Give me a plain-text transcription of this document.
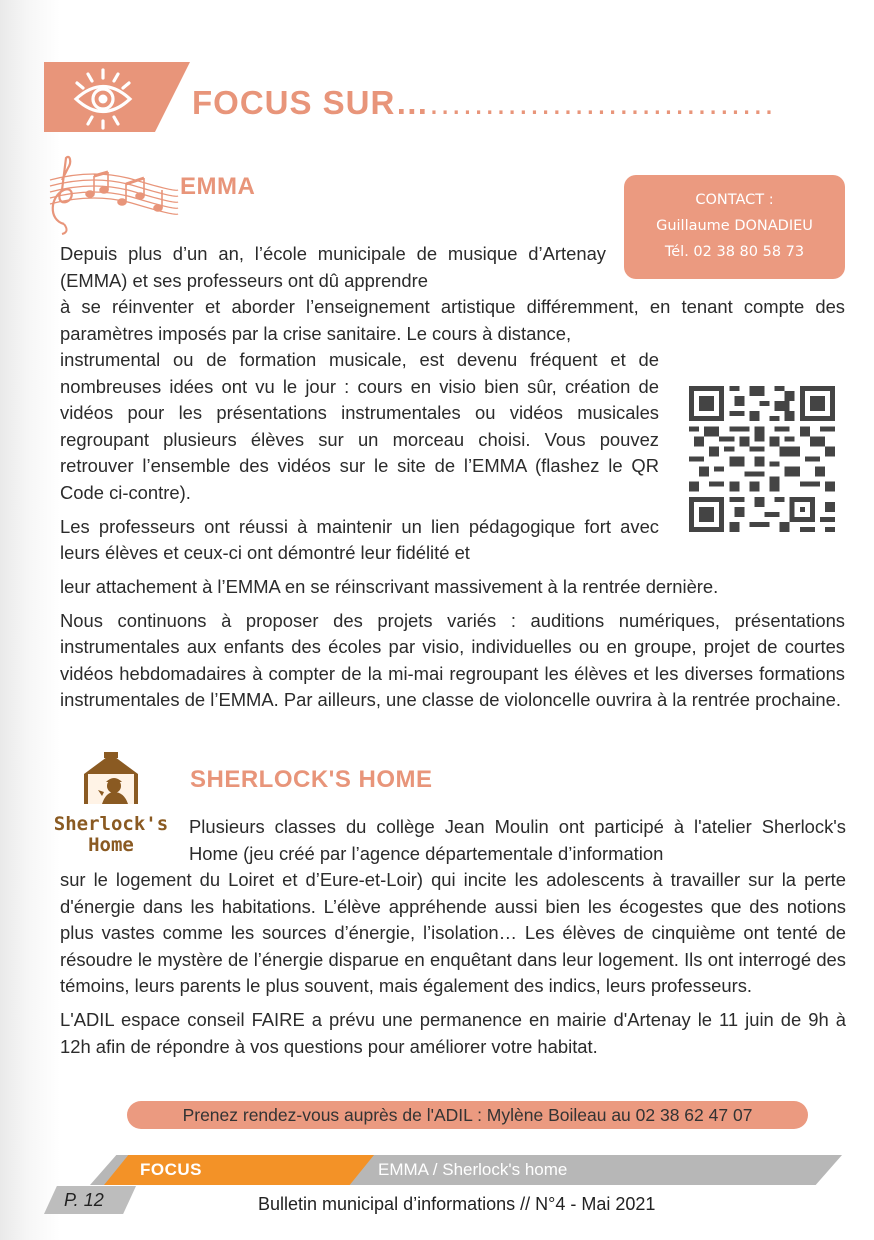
FOCUS SUR…...............................
EMMA	CONTACT :
Guillaume DONADIEU
Tél. 02 38 80 58 73
Depuis plus d’un an, l’école municipale de musique d’Artenay (EMMA) et ses professeurs ont dû apprendre
à se réinventer et aborder l’enseignement artistique différemment, en tenant compte des paramètres imposés par la crise sanitaire. Le cours à distance,

instrumental ou de formation musicale, est devenu fréquent et de nombreuses idées ont vu le jour : cours en visio bien sûr, création de vidéos pour les présentations instrumentales ou vidéos musicales regroupant plusieurs élèves sur un morceau choisi. Vous pouvez retrouver l’ensemble des vidéos sur le site de l’EMMA (flashez le QR Code ci-contre).

Les professeurs ont réussi à maintenir un lien pédagogique fort avec leurs élèves et ceux-ci ont démontré leur fidélité et

leur attachement à l’EMMA en se réinscrivant massivement à la rentrée dernière.

Nous continuons à proposer des projets variés : auditions numériques, présentations instrumentales aux enfants des écoles par visio, individuelles ou en groupe, projet de courtes vidéos hebdomadaires à compter de la mi-mai regroupant les élèves et les diverses formations instrumentales de l’EMMA. Par ailleurs, une classe de violoncelle ouvrira à la rentrée prochaine.

Sherlock's
Home
SHERLOCK'S HOME
Plusieurs classes du collège Jean Moulin ont participé à l'atelier Sherlock's Home (jeu créé par l’agence départementale d’information

sur le logement du Loiret et d’Eure-et-Loir) qui incite les adolescents à travailler sur la perte d'énergie dans les habitations. L’élève appréhende aussi bien les écogestes que des notions plus vastes comme les sources d’énergie, l’isolation… Les élèves de cinquième ont tenté de résoudre le mystère de l’énergie disparue en enquêtant dans leur logement. Ils ont interrogé des témoins, leurs parents le plus souvent, mais également des indics, leurs professeurs.

L'ADIL espace conseil FAIRE a prévu une permanence en mairie d'Artenay le 11 juin de 9h à 12h afin de répondre à vos questions pour améliorer votre habitat.

Prenez rendez-vous auprès de l'ADIL : Mylène Boileau au 02 38 62 47 07
FOCUS	EMMA / Sherlock's home
P. 12	Bulletin municipal d’informations // N°4 - Mai 2021
